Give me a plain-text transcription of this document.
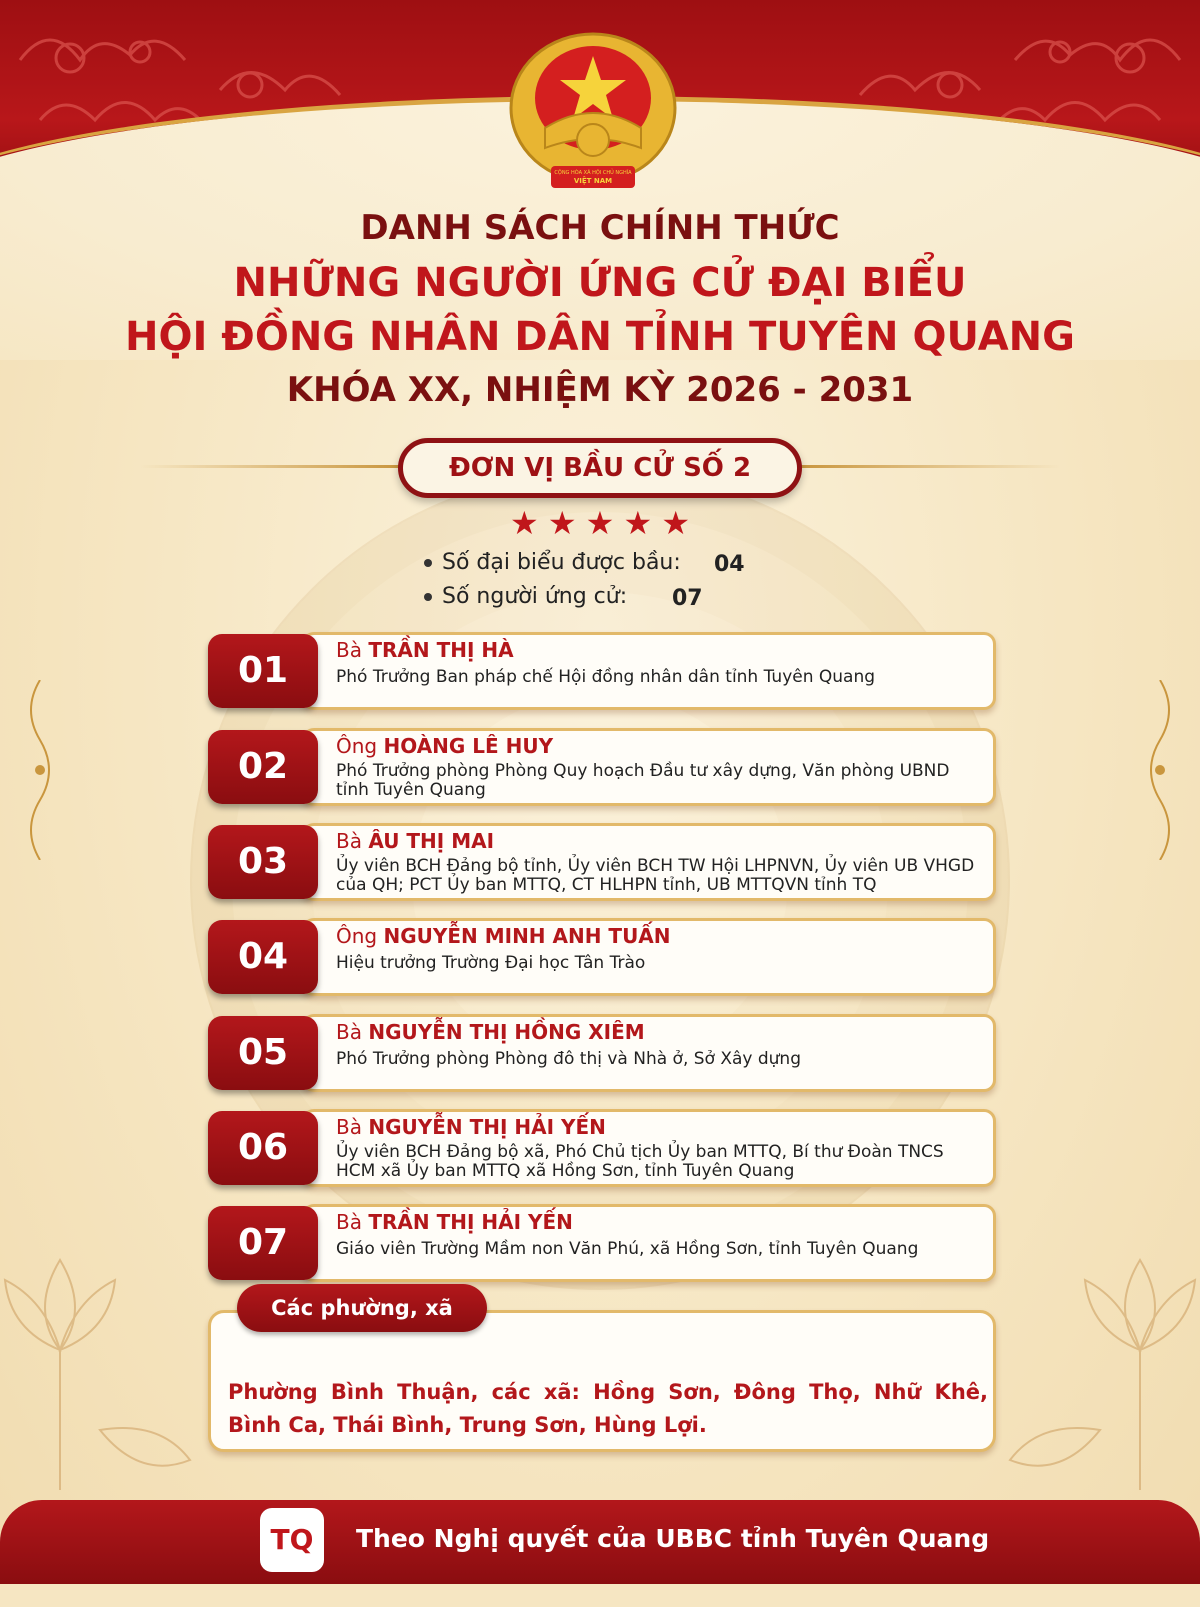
CỘNG HÒA XÃ HỘI CHỦ NGHĨA
VIỆT NAM
DANH SÁCH CHÍNH THỨC
NHỮNG NGƯỜI ỨNG CỬ ĐẠI BIỂU
HỘI ĐỒNG NHÂN DÂN TỈNH TUYÊN QUANG
KHÓA XX, NHIỆM KỲ 2026 - 2031
ĐƠN VỊ BẦU CỬ SỐ 2
★ ★ ★ ★ ★
Số đại biểu được bầu: 04
Số người ứng cử: 07
01	Bà TRẦN THỊ HÀ
Phó Trưởng Ban pháp chế Hội đồng nhân dân tỉnh Tuyên Quang
02	Ông HOÀNG LÊ HUY
Phó Trưởng phòng Phòng Quy hoạch Đầu tư xây dựng, Văn phòng UBND tỉnh Tuyên Quang
03	Bà ÂU THỊ MAI
Ủy viên BCH Đảng bộ tỉnh, Ủy viên BCH TW Hội LHPNVN, Ủy viên UB VHGD của QH; PCT Ủy ban MTTQ, CT HLHPN tỉnh, UB MTTQVN tỉnh TQ
04	Ông NGUYỄN MINH ANH TUẤN
Hiệu trưởng Trường Đại học Tân Trào
05	Bà NGUYỄN THỊ HỒNG XIÊM
Phó Trưởng phòng Phòng đô thị và Nhà ở, Sở Xây dựng
06	Bà NGUYỄN THỊ HẢI YẾN
Ủy viên BCH Đảng bộ xã, Phó Chủ tịch Ủy ban MTTQ, Bí thư Đoàn TNCS HCM xã Ủy ban MTTQ xã Hồng Sơn, tỉnh Tuyên Quang
07	Bà TRẦN THỊ HẢI YẾN
Giáo viên Trường Mầm non Văn Phú, xã Hồng Sơn, tỉnh Tuyên Quang
Các phường, xã
Phường Bình Thuận, các xã: Hồng Sơn, Đông Thọ, Nhữ Khê, Bình Ca, Thái Bình, Trung Sơn, Hùng Lợi.
TQ	Theo Nghị quyết của UBBC tỉnh Tuyên Quang
